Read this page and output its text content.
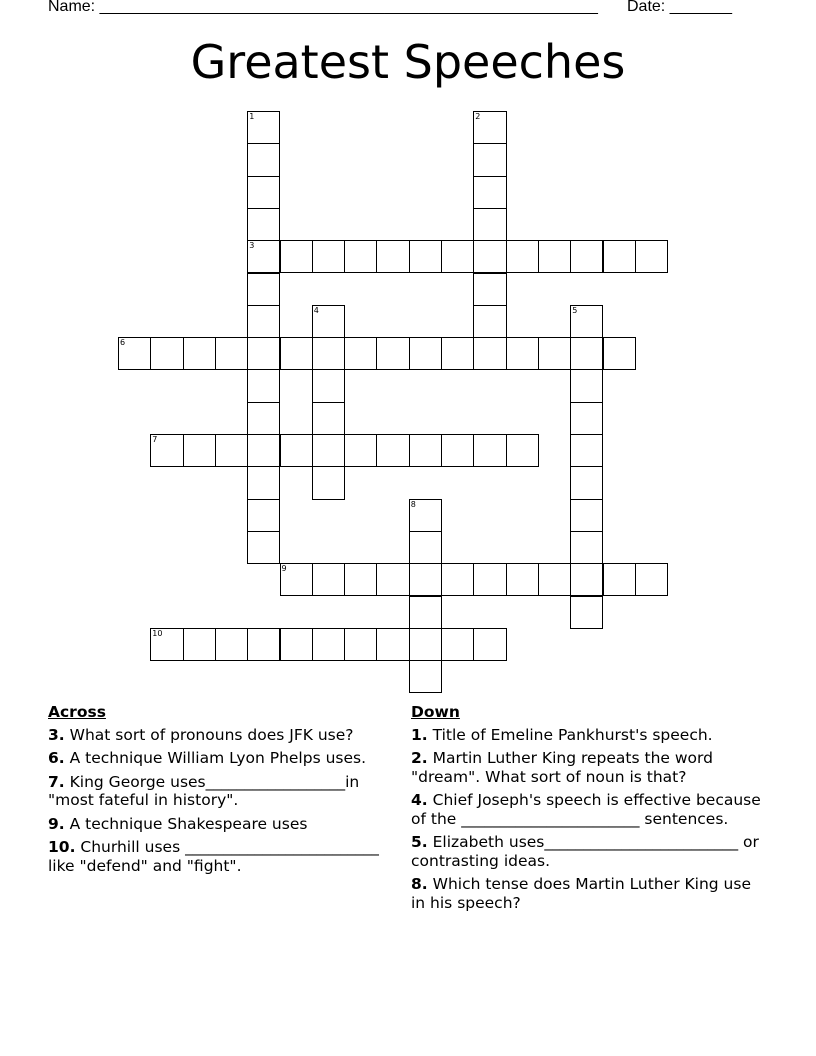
Name: ________________________________________________________ Date: _______
Greatest Speeches
1
3
2
4	5
6
7
8
9
10
Across
3. What sort of pronouns does JFK use?
6. A technique William Lyon Phelps uses.
7. King George uses__________________in "most fateful in history".
9. A technique Shakespeare uses
10. Churhill uses _________________________ like "defend" and "fight".
Down
1. Title of Emeline Pankhurst's speech.
2. Martin Luther King repeats the word "dream". What sort of noun is that?
4. Chief Joseph's speech is effective because of the _______________________ sentences.
5. Elizabeth uses_________________________ or contrasting ideas.
8. Which tense does Martin Luther King use in his speech?
